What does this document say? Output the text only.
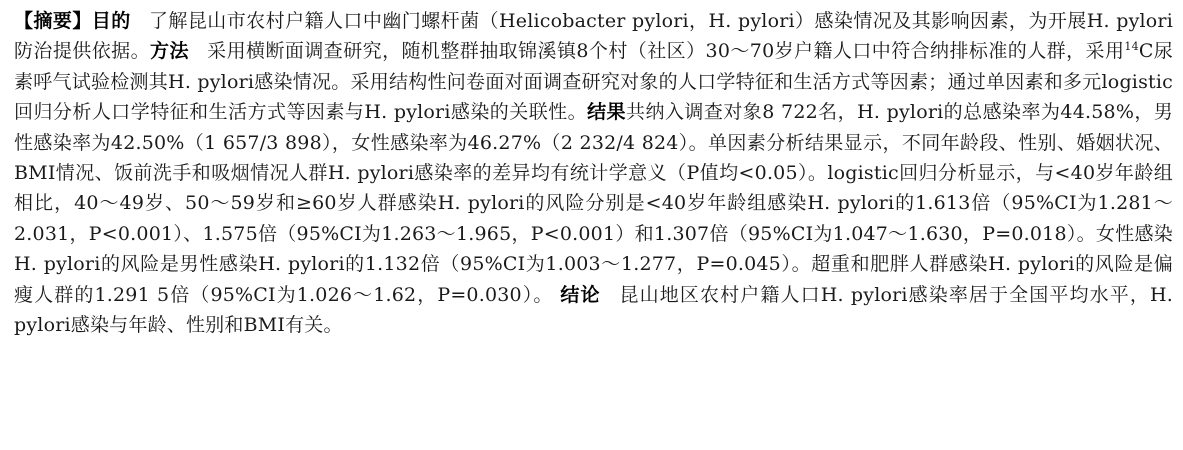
【摘要】目的 了解昆山市农村户籍人口中幽门螺杆菌（Helicobacter pylori，H. pylori）感染情况及其影响因素，为开展H. pylori防治提供依据。方法 采用横断面调查研究，随机整群抽取锦溪镇8个村（社区）30～70岁户籍人口中符合纳排标准的人群，采用$^{14}$C尿素呼气试验检测其H. pylori感染情况。采用结构性问卷面对面调查研究对象的人口学特征和生活方式等因素；通过单因素和多元logistic回归分析人口学特征和生活方式等因素与H. pylori感染的关联性。结果共纳入调查对象8 722名，H. pylori的总感染率为44.58%，男性感染率为42.50%（1 657/3 898），女性感染率为46.27%（2 232/4 824）。单因素分析结果显示，不同年龄段、性别、婚姻状况、BMI情况、饭前洗手和吸烟情况人群H. pylori感染率的差异均有统计学意义（P值均<0.05）。logistic回归分析显示，与<40岁年龄组相比，40～49岁、50～59岁和≥60岁人群感染H. pylori的风险分别是<40岁年龄组感染H. pylori的1.613倍（95%CI为1.281～2.031，P<0.001）、1.575倍（95%CI为1.263～1.965，P<0.001）和1.307倍（95%CI为1.047～1.630，P=0.018）。女性感染H. pylori的风险是男性感染H. pylori的1.132倍（95%CI为1.003～1.277，P=0.045）。超重和肥胖人群感染H. pylori的风险是偏瘦人群的1.291 5倍（95%CI为1.026～1.62，P=0.030）。 结论 昆山地区农村户籍人口H. pylori感染率居于全国平均水平，H. pylori感染与年龄、性别和BMI有关。
